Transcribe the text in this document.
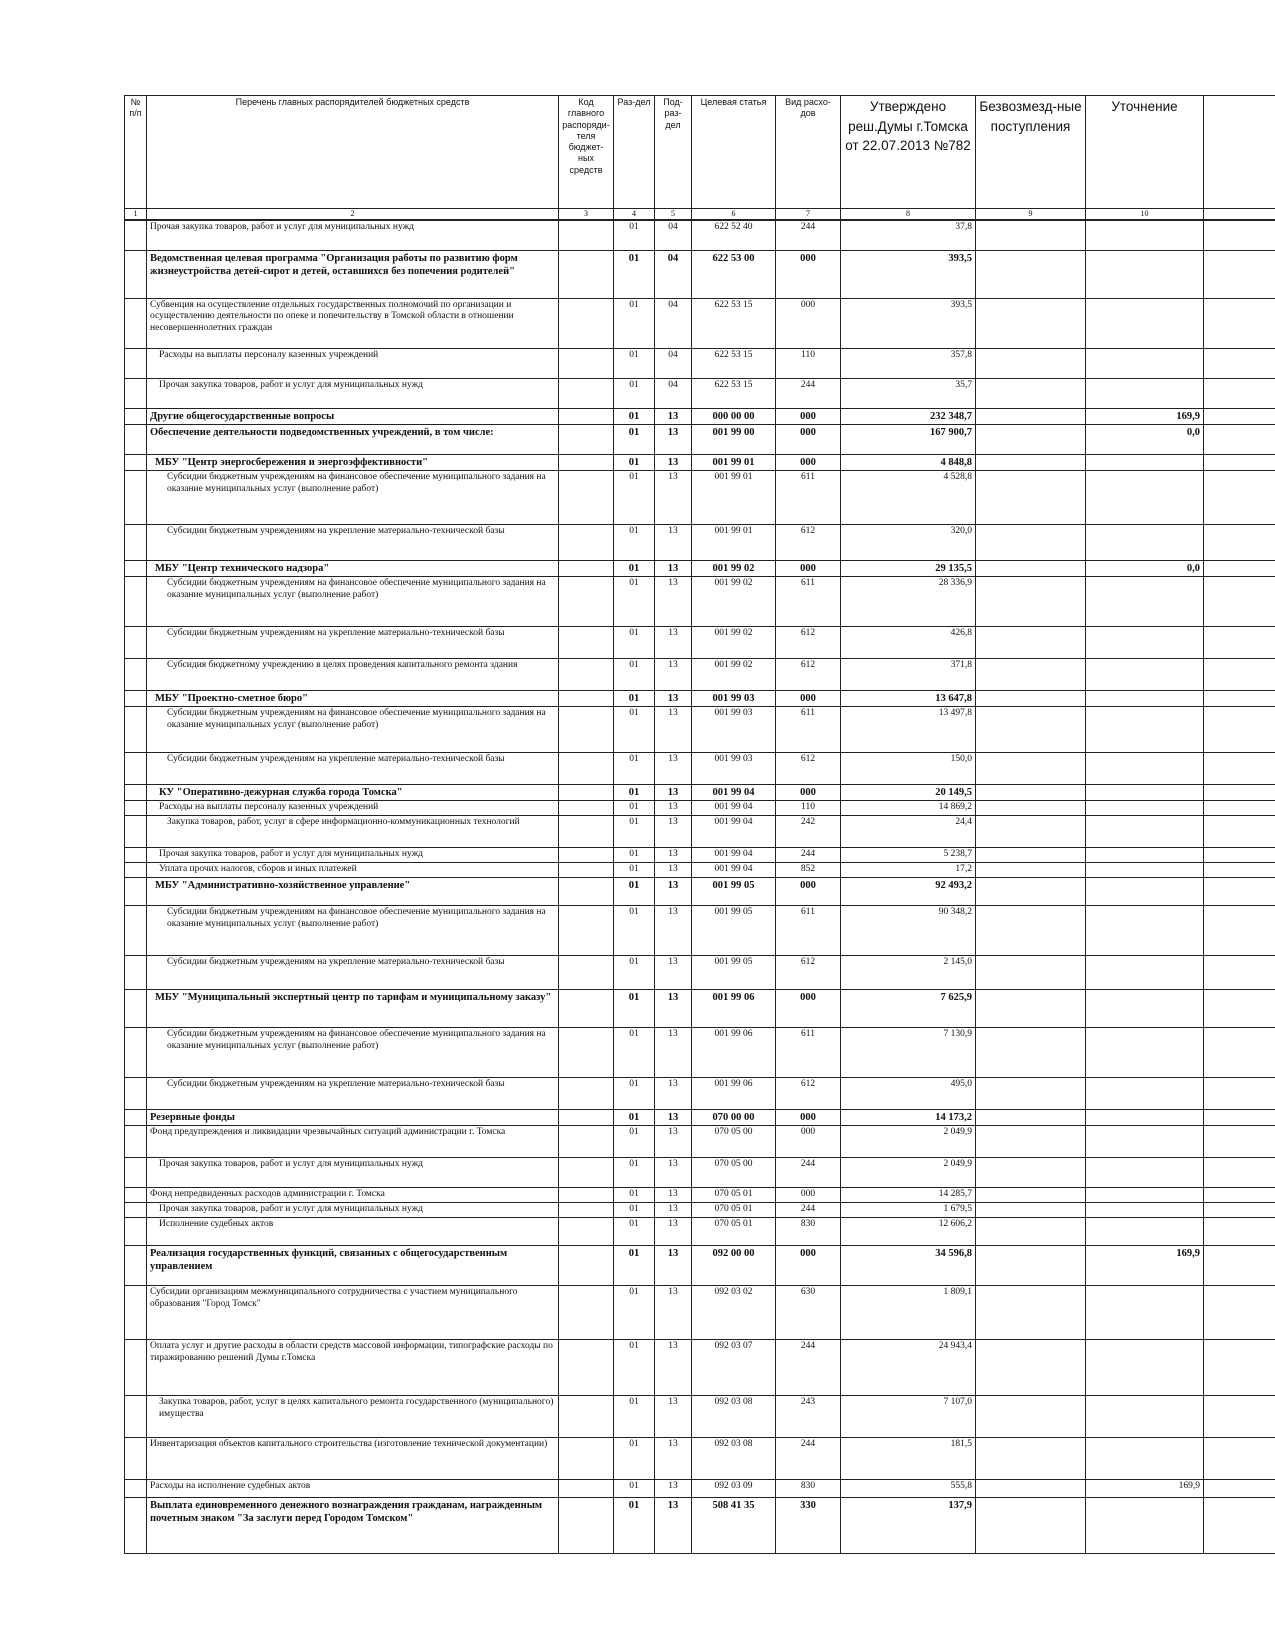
№ п/п	Перечень главных распорядителей бюджетных средств	Код главного распоряди-теля бюджет-ных средств	Раз-дел	Под-раз-дел	Целевая статья	Вид расхо-дов	Утверждено реш.Думы г.Томска от 22.07.2013 №782	Безвозмезд-ные поступления	Уточнение	
1	2	3	4	5	6	7	8	9	10	
	Прочая закупка товаров, работ и услуг для муниципальных нужд		01	04	622 52 40	244	37,8			
	Ведомственная целевая программа "Организация работы по развитию форм жизнеустройства детей-сирот и детей, оставшихся без попечения родителей"		01	04	622 53 00	000	393,5			
	Субвенция на осуществление отдельных государственных полномочий по организации и осуществлению деятельности по опеке и попечительству в Томской области в отношении несовершеннолетних граждан		01	04	622 53 15	000	393,5			
	Расходы на выплаты персоналу казенных учреждений		01	04	622 53 15	110	357,8			
	Прочая закупка товаров, работ и услуг для муниципальных нужд		01	04	622 53 15	244	35,7			
	Другие общегосударственные вопросы		01	13	000 00 00	000	232 348,7		169,9	
	Обеспечение деятельности подведомственных учреждений, в том числе:		01	13	001 99 00	000	167 900,7		0,0	
	МБУ "Центр энергосбережения и энергоэффективности"		01	13	001 99 01	000	4 848,8			
	Субсидии бюджетным учреждениям на финансовое обеспечение муниципального задания на оказание муниципальных услуг (выполнение работ)		01	13	001 99 01	611	4 528,8			
	Субсидии бюджетным учреждениям на укрепление материально-технической базы		01	13	001 99 01	612	320,0			
	МБУ "Центр технического надзора"		01	13	001 99 02	000	29 135,5		0,0	
	Субсидии бюджетным учреждениям на финансовое обеспечение муниципального задания на оказание муниципальных услуг (выполнение работ)		01	13	001 99 02	611	28 336,9			
	Субсидии бюджетным учреждениям на укрепление материально-технической базы		01	13	001 99 02	612	426,8			
	Субсидия бюджетному учреждению в целях проведения капитального ремонта здания		01	13	001 99 02	612	371,8			
	МБУ "Проектно-сметное бюро"		01	13	001 99 03	000	13 647,8			
	Субсидии бюджетным учреждениям на финансовое обеспечение муниципального задания на оказание муниципальных услуг (выполнение работ)		01	13	001 99 03	611	13 497,8			
	Субсидии бюджетным учреждениям на укрепление материально-технической базы		01	13	001 99 03	612	150,0			
	КУ "Оперативно-дежурная служба города Томска"		01	13	001 99 04	000	20 149,5			
	Расходы на выплаты персоналу казенных учреждений		01	13	001 99 04	110	14 869,2			
	Закупка товаров, работ, услуг в сфере информационно-коммуникационных технологий		01	13	001 99 04	242	24,4			
	Прочая закупка товаров, работ и услуг для муниципальных нужд		01	13	001 99 04	244	5 238,7			
	Уплата прочих налогов, сборов и иных платежей		01	13	001 99 04	852	17,2			
	МБУ "Административно-хозяйственное управление"		01	13	001 99 05	000	92 493,2			
	Субсидии бюджетным учреждениям на финансовое обеспечение муниципального задания на оказание муниципальных услуг (выполнение работ)		01	13	001 99 05	611	90 348,2			
	Субсидии бюджетным учреждениям на укрепление материально-технической базы		01	13	001 99 05	612	2 145,0			
	МБУ "Муниципальный экспертный центр по тарифам и муниципальному заказу"		01	13	001 99 06	000	7 625,9			
	Субсидии бюджетным учреждениям на финансовое обеспечение муниципального задания на оказание муниципальных услуг (выполнение работ)		01	13	001 99 06	611	7 130,9			
	Субсидии бюджетным учреждениям на укрепление материально-технической базы		01	13	001 99 06	612	495,0			
	Резервные фонды		01	13	070 00 00	000	14 173,2			
	Фонд предупреждения и ликвидации чрезвычайных ситуаций администрации г. Томска		01	13	070 05 00	000	2 049,9			
	Прочая закупка товаров, работ и услуг для муниципальных нужд		01	13	070 05 00	244	2 049,9			
	Фонд непредвиденных расходов администрации г. Томска		01	13	070 05 01	000	14 285,7			
	Прочая закупка товаров, работ и услуг для муниципальных нужд		01	13	070 05 01	244	1 679,5			
	Исполнение судебных актов		01	13	070 05 01	830	12 606,2			
	Реализация государственных функций, связанных с общегосударственным управлением		01	13	092 00 00	000	34 596,8		169,9	
	Субсидии организациям межмуниципального сотрудничества с участием муниципального образования "Город Томск"		01	13	092 03 02	630	1 809,1			
	Оплата услуг и другие расходы в области средств массовой информации, типографские расходы по тиражированию решений Думы г.Томска		01	13	092 03 07	244	24 943,4			
	Закупка товаров, работ, услуг в целях капитального ремонта государственного (муниципального) имущества		01	13	092 03 08	243	7 107,0			
	Инвентаризация объектов капитального строительства (изготовление технической документации)		01	13	092 03 08	244	181,5			
	Расходы на исполнение судебных актов		01	13	092 03 09	830	555,8		169,9	
	Выплата единовременного денежного вознаграждения гражданам, награжденным почетным знаком "За заслуги перед Городом Томском"		01	13	508 41 35	330	137,9			
